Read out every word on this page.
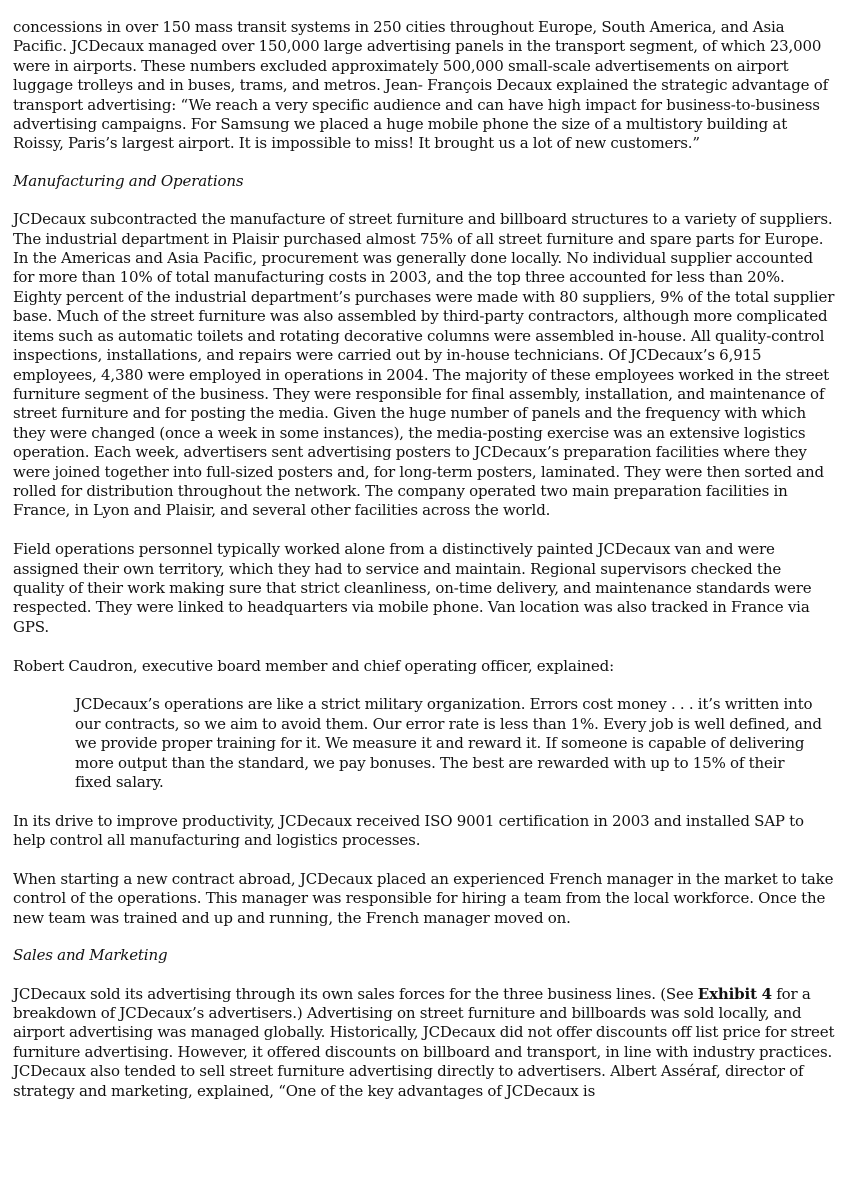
concessions in over 150 mass transit systems in 250 cities throughout Europe, South America, and Asia Pacific. JCDecaux managed over 150,000 large advertising panels in the transport segment, of which 23,000 were in airports. These numbers excluded approximately 500,000 small-scale advertisements on airport luggage trolleys and in buses, trams, and metros. Jean- François Decaux explained the strategic advantage of transport advertising: “We reach a very specific audience and can have high impact for business-to-business advertising campaigns. For Samsung we placed a huge mobile phone the size of a multistory building at Roissy, Paris’s largest airport. It is impossible to miss! It brought us a lot of new customers.”

Manufacturing and Operations

JCDecaux subcontracted the manufacture of street furniture and billboard structures to a variety of suppliers. The industrial department in Plaisir purchased almost 75% of all street furniture and spare parts for Europe. In the Americas and Asia Pacific, procurement was generally done locally. No individual supplier accounted for more than 10% of total manufacturing costs in 2003, and the top three accounted for less than 20%. Eighty percent of the industrial department’s purchases were made with 80 suppliers, 9% of the total supplier base. Much of the street furniture was also assembled by third-party contractors, although more complicated items such as automatic toilets and rotating decorative columns were assembled in-house. All quality-control inspections, installations, and repairs were carried out by in-house technicians. Of JCDecaux’s 6,915 employees, 4,380 were employed in operations in 2004. The majority of these employees worked in the street furniture segment of the business. They were responsible for final assembly, installation, and maintenance of street furniture and for posting the media. Given the huge number of panels and the frequency with which they were changed (once a week in some instances), the media-posting exercise was an extensive logistics operation. Each week, advertisers sent advertising posters to JCDecaux’s preparation facilities where they were joined together into full-sized posters and, for long-term posters, laminated. They were then sorted and rolled for distribution throughout the network. The company operated two main preparation facilities in France, in Lyon and Plaisir, and several other facilities across the world.

Field operations personnel typically worked alone from a distinctively painted JCDecaux van and were assigned their own territory, which they had to service and maintain. Regional supervisors checked the quality of their work making sure that strict cleanliness, on-time delivery, and maintenance standards were respected. They were linked to headquarters via mobile phone. Van location was also tracked in France via GPS.

Robert Caudron, executive board member and chief operating officer, explained:

JCDecaux’s operations are like a strict military organization. Errors cost money . . . it’s written into our contracts, so we aim to avoid them. Our error rate is less than 1%. Every job is well defined, and we provide proper training for it. We measure it and reward it. If someone is capable of delivering more output than the standard, we pay bonuses. The best are rewarded with up to 15% of their fixed salary.

In its drive to improve productivity, JCDecaux received ISO 9001 certification in 2003 and installed SAP to help control all manufacturing and logistics processes.

When starting a new contract abroad, JCDecaux placed an experienced French manager in the market to take control of the operations. This manager was responsible for hiring a team from the local workforce. Once the new team was trained and up and running, the French manager moved on.

Sales and Marketing

JCDecaux sold its advertising through its own sales forces for the three business lines. (See Exhibit 4 for a breakdown of JCDecaux’s advertisers.) Advertising on street furniture and billboards was sold locally, and airport advertising was managed globally. Historically, JCDecaux did not offer discounts off list price for street furniture advertising. However, it offered discounts on billboard and transport, in line with industry practices. JCDecaux also tended to sell street furniture advertising directly to advertisers. Albert Asséraf, director of strategy and marketing, explained, “One of the key advantages of JCDecaux is
